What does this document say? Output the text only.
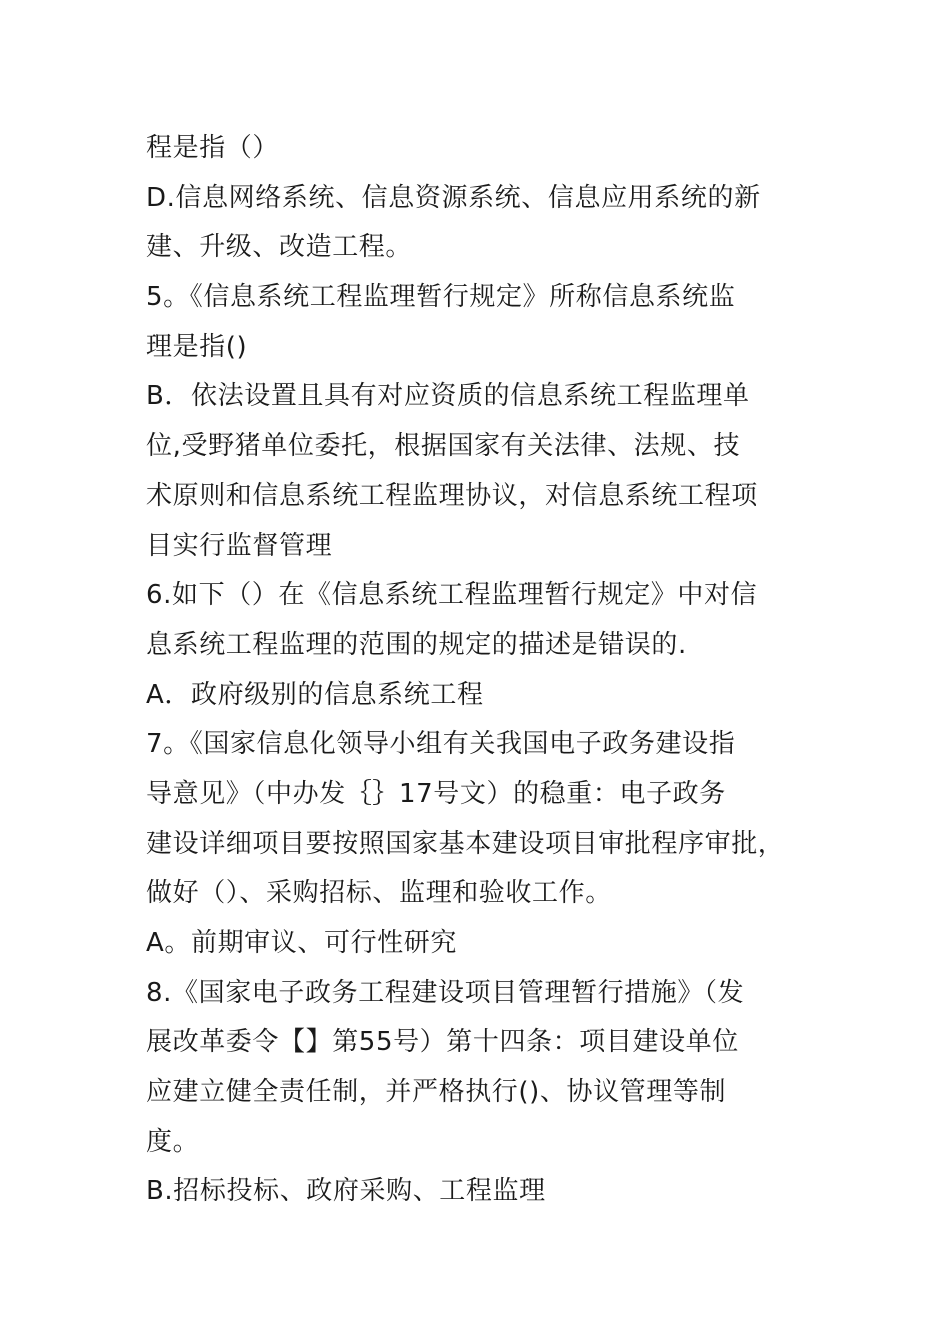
程是指（）
D.信息网络系统、信息资源系统、信息应用系统的新
建、升级、改造工程。
5。《信息系统工程监理暂行规定》所称信息系统监
理是指()
B．依法设置且具有对应资质的信息系统工程监理单
位,受野猪单位委托，根据国家有关法律、法规、技
术原则和信息系统工程监理协议，对信息系统工程项
目实行监督管理
6.如下（）在《信息系统工程监理暂行规定》中对信
息系统工程监理的范围的规定的描述是错误的.
A．政府级别的信息系统工程
7。《国家信息化领导小组有关我国电子政务建设指
导意见》（中办发｛｝17号文）的稳重：电子政务
建设详细项目要按照国家基本建设项目审批程序审批，
做好（）、采购招标、监理和验收工作。
A。前期审议、可行性研究
8.《国家电子政务工程建设项目管理暂行措施》（发
展改革委令【】第55号）第十四条：项目建设单位
应建立健全责任制，并严格执行()、协议管理等制
度。
B.招标投标、政府采购、工程监理
